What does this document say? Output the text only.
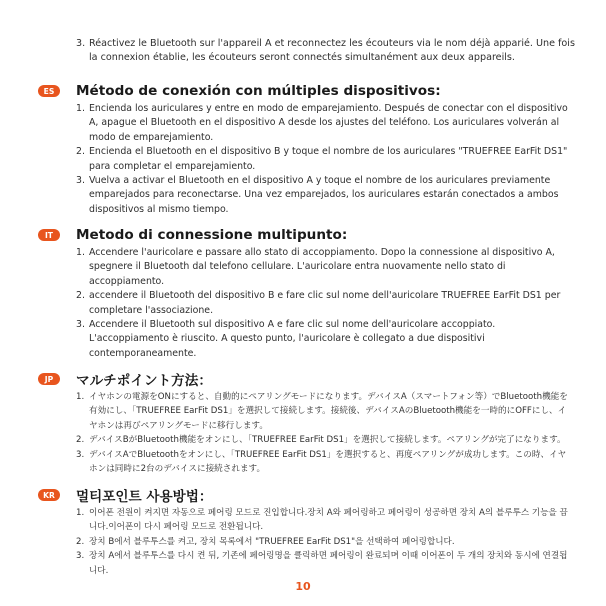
3. Réactivez le Bluetooth sur l'appareil A et reconnectez les écouteurs via le nom déjà apparié. Une fois la connexion établie, les écouteurs seront connectés simultanément aux deux appareils.
ES	Método de conexión con múltiples dispositivos:
1. Encienda los auriculares y entre en modo de emparejamiento. Después de conectar con el dispositivo A, apague el Bluetooth en el dispositivo A desde los ajustes del teléfono. Los auriculares volverán al modo de emparejamiento.
2. Encienda el Bluetooth en el dispositivo B y toque el nombre de los auriculares "TRUEFREE EarFit DS1" para completar el emparejamiento.
3. Vuelva a activar el Bluetooth en el dispositivo A y toque el nombre de los auriculares previamente emparejados para reconectarse. Una vez emparejados, los auriculares estarán conectados a ambos dispositivos al mismo tiempo.
IT	Metodo di connessione multipunto:
1. Accendere l'auricolare e passare allo stato di accoppiamento. Dopo la connessione al dispositivo A, spegnere il Bluetooth dal telefono cellulare. L'auricolare entra nuovamente nello stato di accoppiamento.
2. accendere il Bluetooth del dispositivo B e fare clic sul nome dell'auricolare TRUEFREE EarFit DS1 per completare l'associazione.
3. Accendere il Bluetooth sul dispositivo A e fare clic sul nome dell'auricolare accoppiato. L'accoppiamento è riuscito. A questo punto, l'auricolare è collegato a due dispositivi contemporaneamente.
JP	マルチポイント方法：
1. イヤホンの電源をONにすると、自動的にペアリングモードになります。デバイスA（スマートフォン等）でBluetooth機能を有効にし、「TRUEFREE EarFit DS1」を選択して接続します。接続後、デバイスAのBluetooth機能を一時的にOFFにし、イヤホンは再びペアリングモードに移行します。
2. デバイスBがBluetooth機能をオンにし、「TRUEFREE EarFit DS1」を選択して接続します。ペアリングが完了になります。
3. デバイスAでBluetoothをオンにし、「TRUEFREE EarFit DS1」を選択すると、再度ペアリングが成功します。この時、イヤホンは同時に2台のデバイスに接続されます。
KR	멀티포인트 사용방법：
1. 이어폰 전원이 켜지면 자동으로 페어링 모드로 진입합니다.장치 A와 페어링하고 페어링이 성공하면 장치 A의 블루투스 기능을 끕니다.이어폰이 다시 페어링 모드로 전환됩니다.
2. 장치 B에서 블루투스를 켜고, 장치 목록에서 "TRUEFREE EarFit DS1"을 선택하여 페어링합니다.
3. 장치 A에서 블루투스를 다시 켠 뒤, 기존에 페어링명을 클릭하면 페어링이 완료되며 이때 이어폰이 두 개의 장치와 동시에 연결됩니다.
10
